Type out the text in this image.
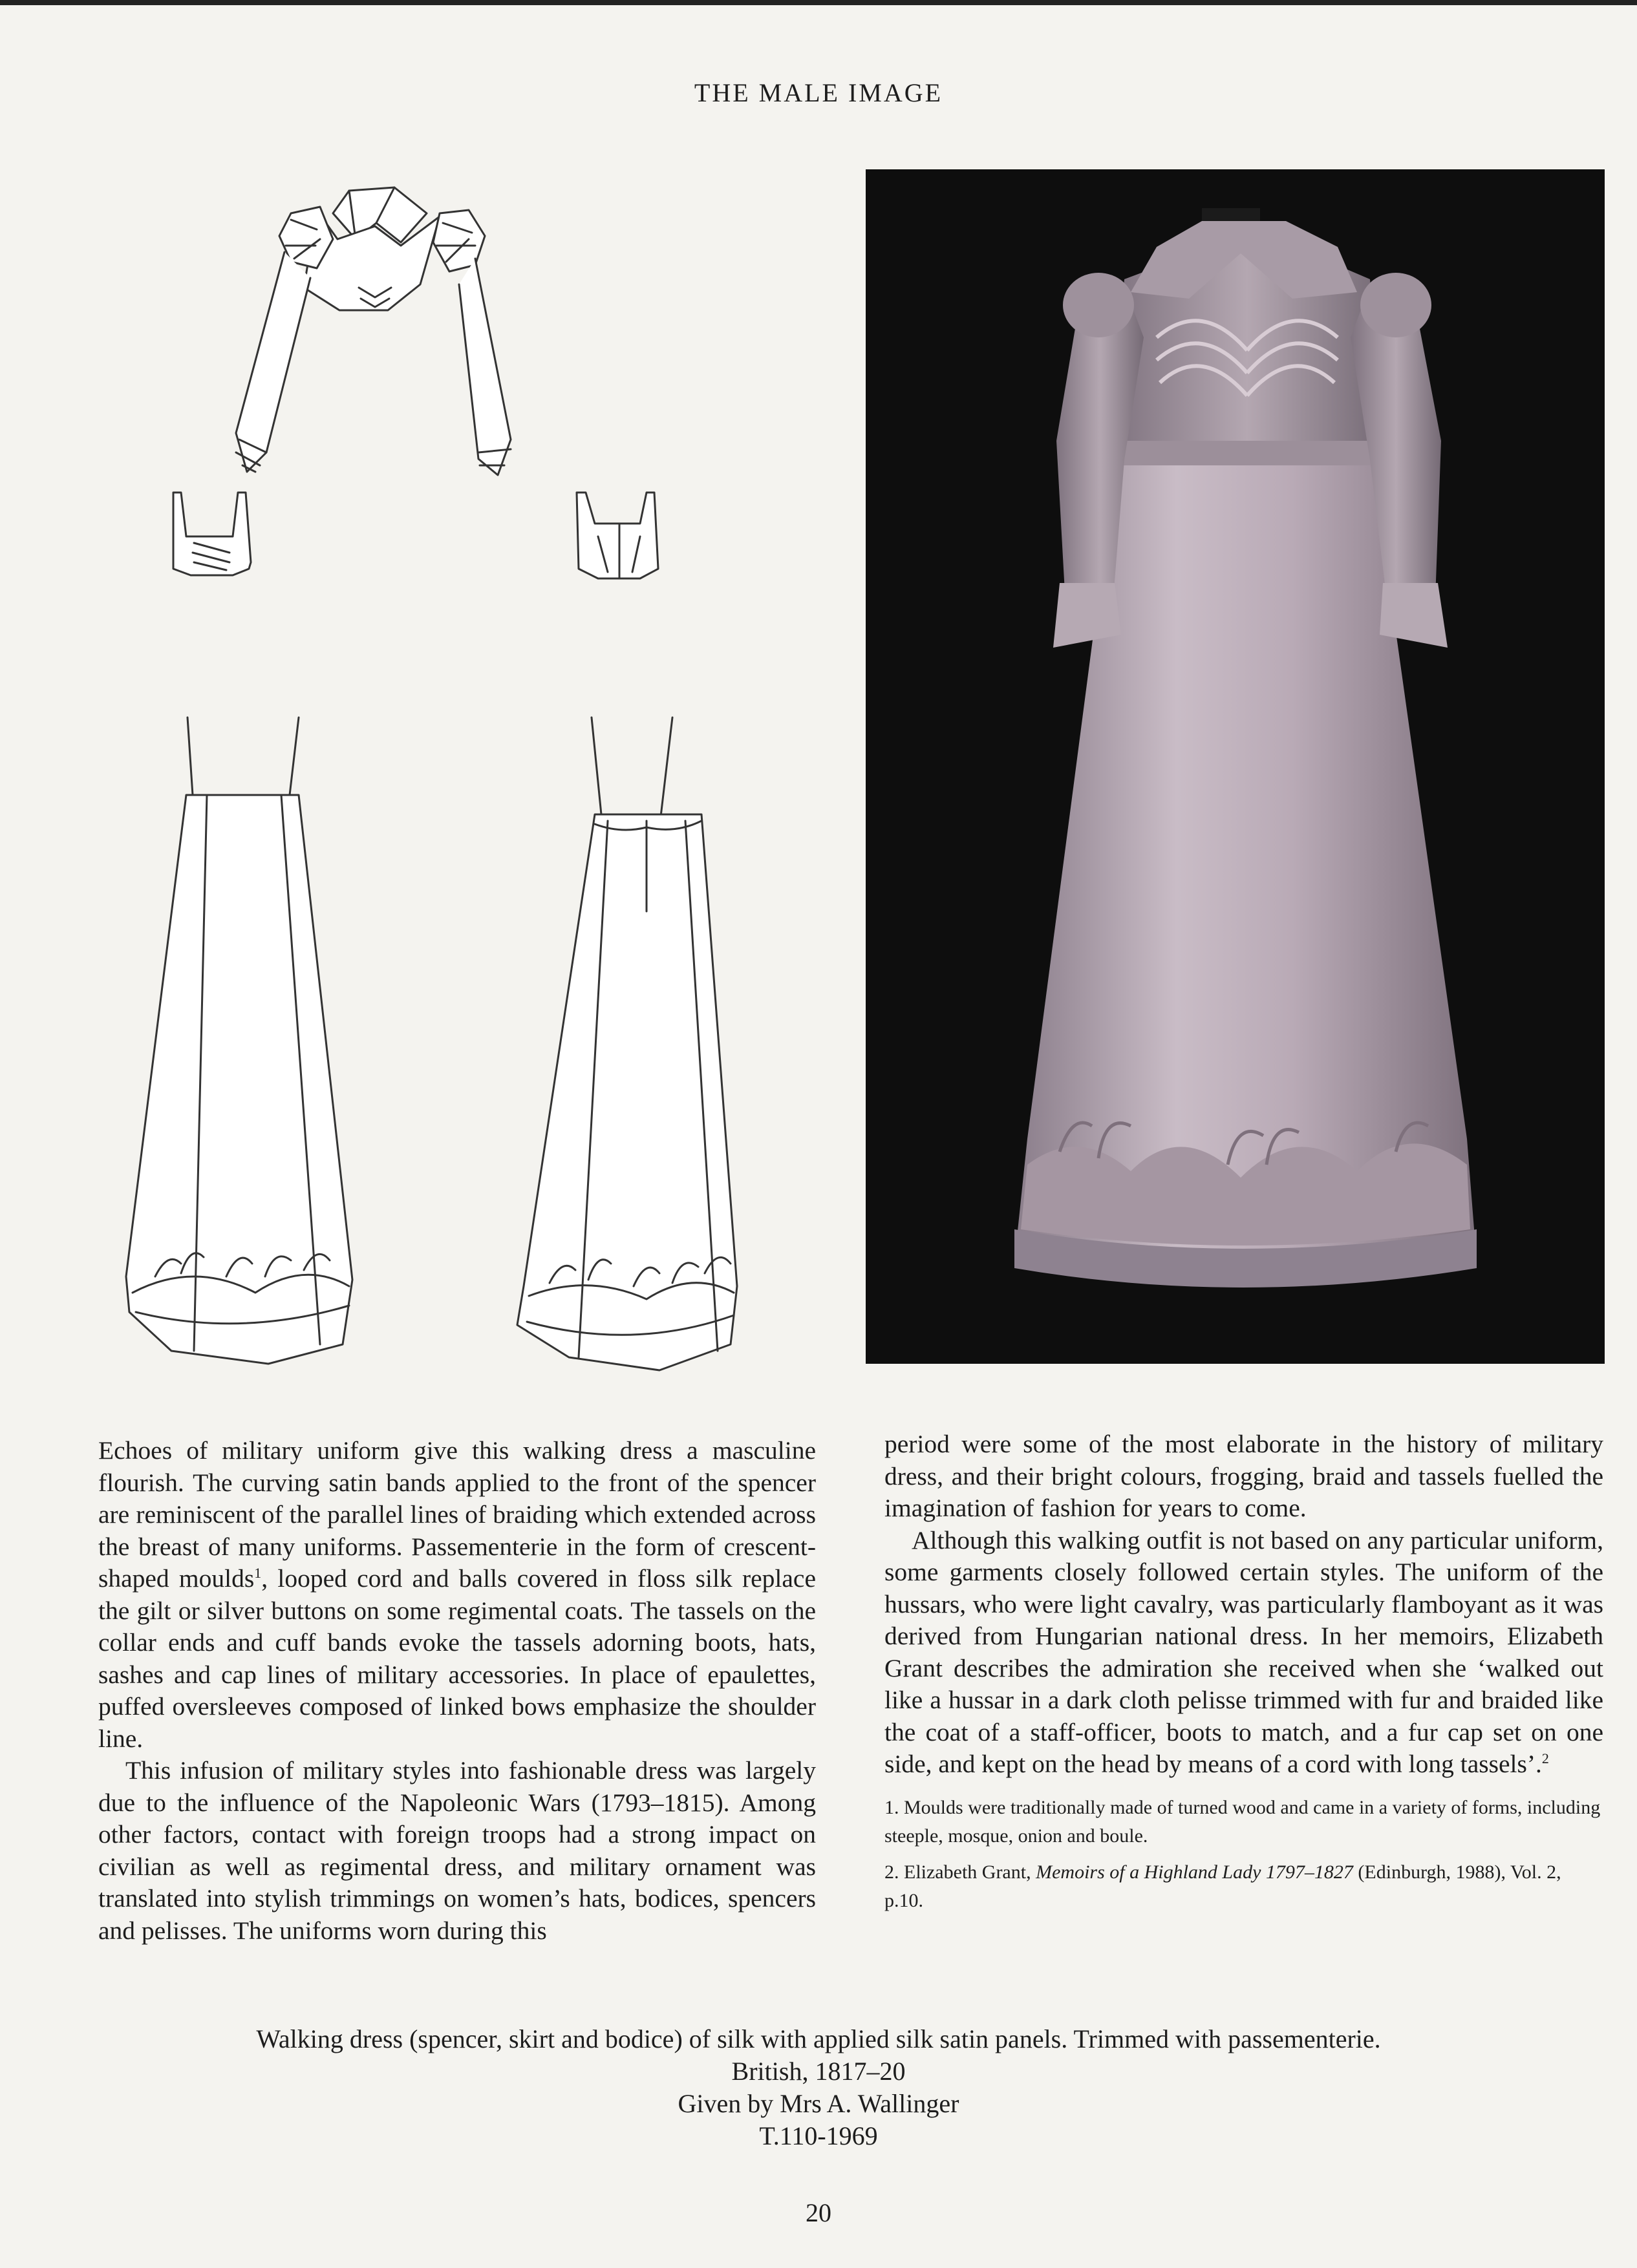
THE MALE IMAGE

Echoes of military uniform give this walking dress a masculine flourish. The curving satin bands applied to the front of the spencer are reminiscent of the parallel lines of braiding which extended across the breast of many uniforms. Passementerie in the form of crescent-shaped moulds$^1$, looped cord and balls covered in floss silk replace the gilt or silver buttons on some regimental coats. The tassels on the collar ends and cuff bands evoke the tassels adorning boots, hats, sashes and cap lines of military accessories. In place of epaulettes, puffed oversleeves composed of linked bows emphasize the shoulder line.

This infusion of military styles into fashionable dress was largely due to the influence of the Napoleonic Wars (1793–1815). Among other factors, contact with foreign troops had a strong impact on civilian as well as regimental dress, and military ornament was translated into stylish trimmings on women’s hats, bodices, spencers and pelisses. The uniforms worn during this

period were some of the most elaborate in the history of military dress, and their bright colours, frogging, braid and tassels fuelled the imagination of fashion for years to come.

Although this walking outfit is not based on any particular uniform, some garments closely followed certain styles. The uniform of the hussars, who were light cavalry, was particularly flamboyant as it was derived from Hungarian national dress. In her memoirs, Elizabeth Grant describes the admiration she received when she ‘walked out like a hussar in a dark cloth pelisse trimmed with fur and braided like the coat of a staff-officer, boots to match, and a fur cap set on one side, and kept on the head by means of a cord with long tassels’.$^2$

1. Moulds were traditionally made of turned wood and came in a variety of forms, including steeple, mosque, onion and boule.

2. Elizabeth Grant, Memoirs of a Highland Lady 1797–1827 (Edinburgh, 1988), Vol. 2, p.10.

Walking dress (spencer, skirt and bodice) of silk with applied silk satin panels. Trimmed with passementerie.
British, 1817–20
Given by Mrs A. Wallinger
T.110-1969
20
